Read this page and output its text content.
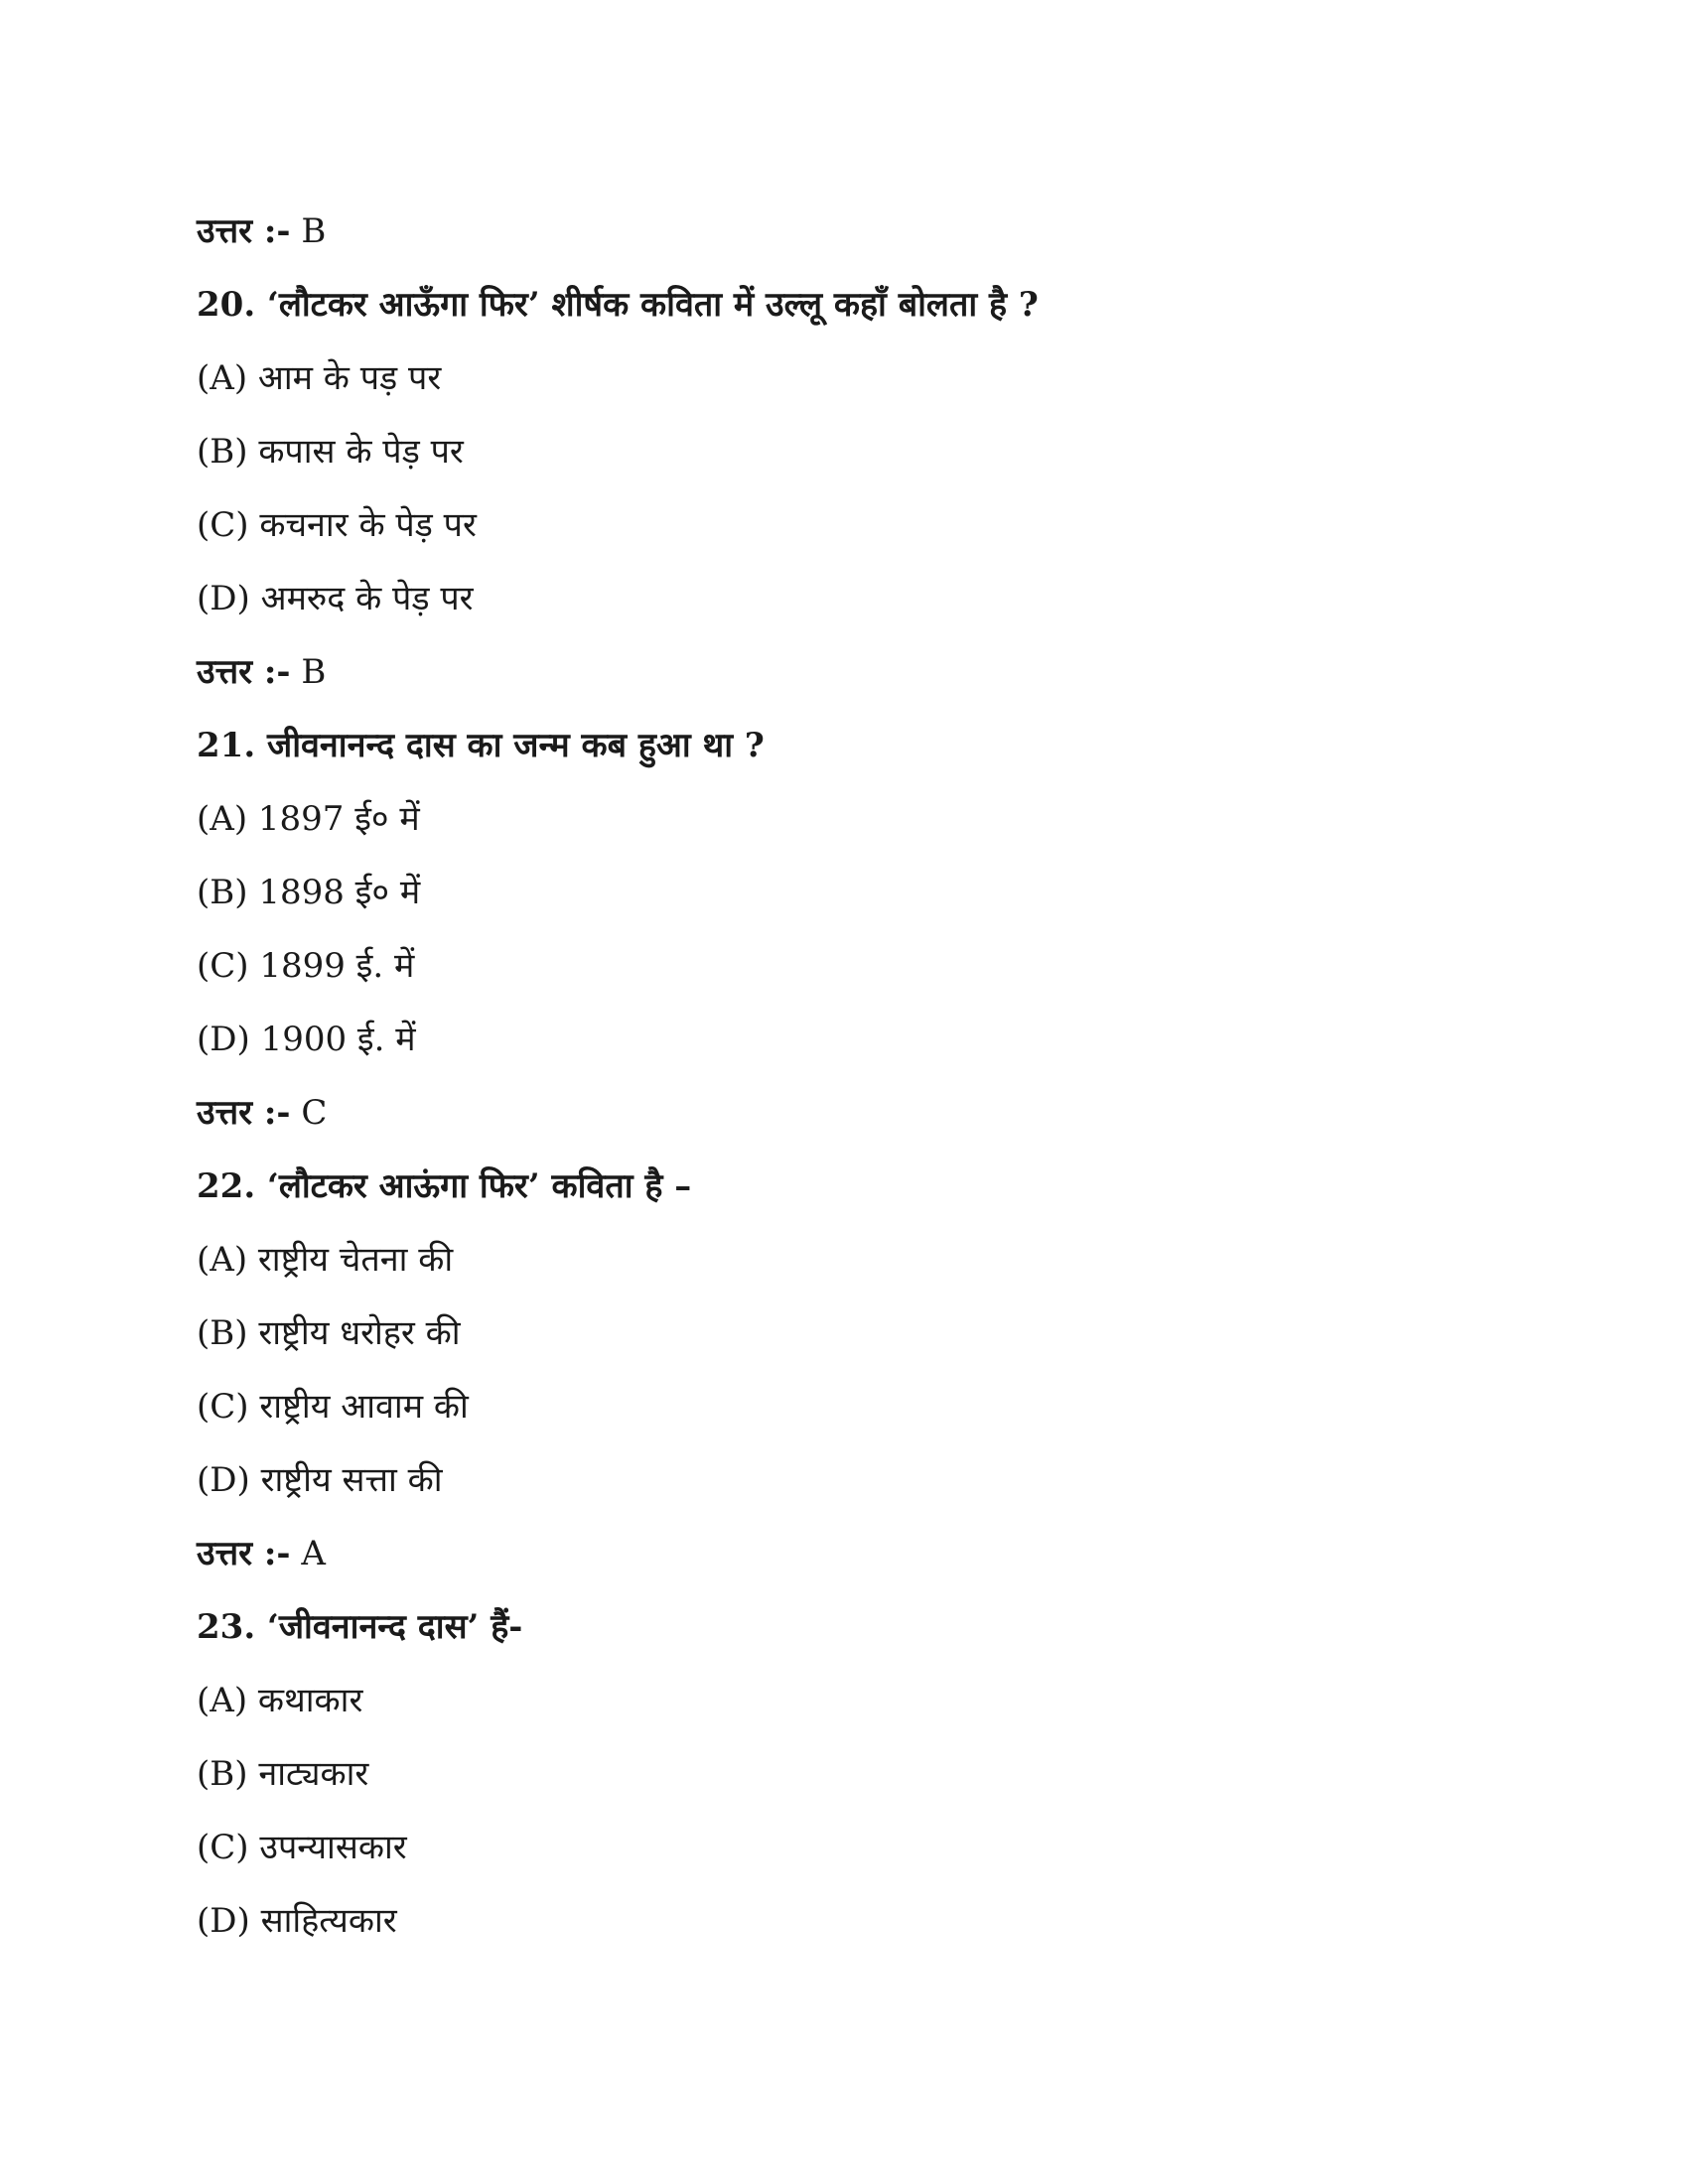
उत्तर :- B
20. ‘लौटकर आऊँगा फिर’ शीर्षक कविता में उल्लू कहाँ बोलता है ?
(A) आम के पड़ पर
(B) कपास के पेड़ पर
(C) कचनार के पेड़ पर
(D) अमरुद के पेड़ पर
उत्तर :- B
21. जीवनानन्द दास का जन्म कब हुआ था ?
(A) 1897 ई० में
(B) 1898 ई० में
(C) 1899 ई. में
(D) 1900 ई. में
उत्तर :- C
22. ‘लौटकर आऊंगा फिर’ कविता है –
(A) राष्ट्रीय चेतना की
(B) राष्ट्रीय धरोहर की
(C) राष्ट्रीय आवाम की
(D) राष्ट्रीय सत्ता की
उत्तर :- A
23. ‘जीवनानन्द दास’ हैं-
(A) कथाकार
(B) नाट्यकार
(C) उपन्यासकार
(D) साहित्यकार
